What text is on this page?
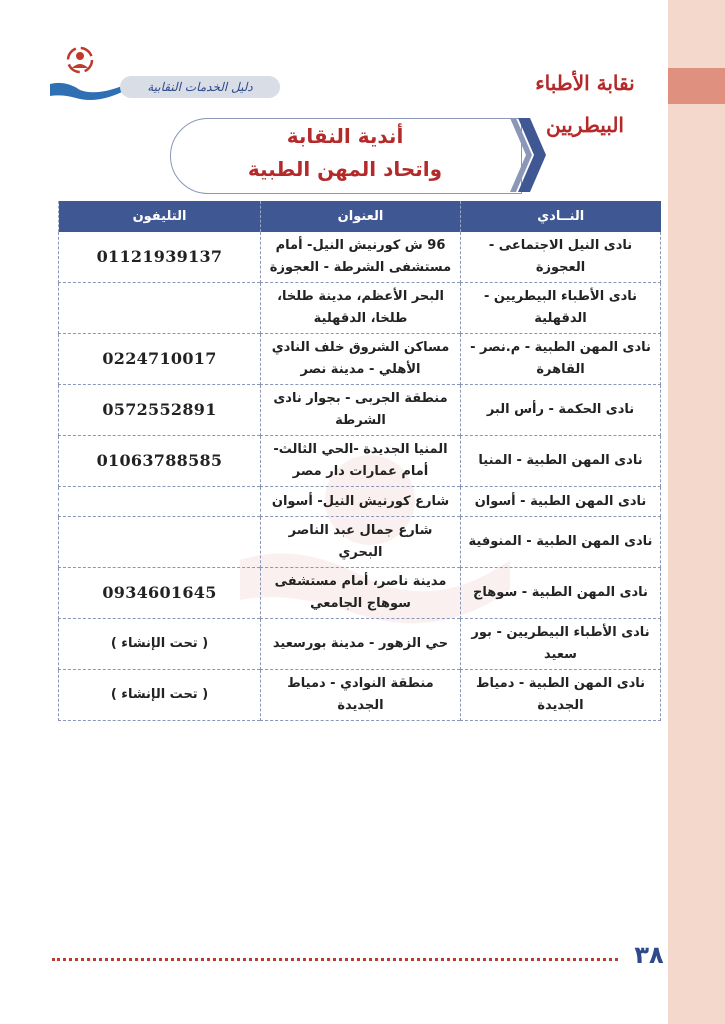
نقابة الأطباء البيطريين
دليل الخدمات النقابية
أندية النقابة
واتحاد المهن الطبية
النــادي	العنوان	التليفون
نادى النيل الاجتماعى - العجوزة	96 ش كورنيش النيل- أمام مستشفى الشرطة - العجوزة	01121939137
نادى الأطباء البيطريين - الدقهلية	البحر الأعظم، مدينة طلخا، طلخا، الدقهلية	
نادى المهن الطبية - م.نصر - القاهرة	مساكن الشروق خلف النادي الأهلي - مدينة نصر	0224710017
نادى الحكمة - رأس البر	منطقة الجربى - بجوار نادى الشرطة	0572552891
نادى المهن الطبية - المنيا	المنيا الجديدة -الحي الثالث- أمام عمارات دار مصر	01063788585
نادى المهن الطبية - أسوان	شارع كورنيش النيل- أسوان	
نادى المهن الطبية - المنوفية	شارع جمال عبد الناصر البحري	
نادى المهن الطبية - سوهاج	مدينة ناصر، أمام مستشفى سوهاج الجامعي	0934601645
نادى الأطباء البيطريين - بور سعيد	حي الزهور - مدينة بورسعيد	( تحت الإنشاء )
نادى المهن الطبية - دمياط الجديدة	منطقة النوادي - دمياط الجديدة	( تحت الإنشاء )
٣٨
